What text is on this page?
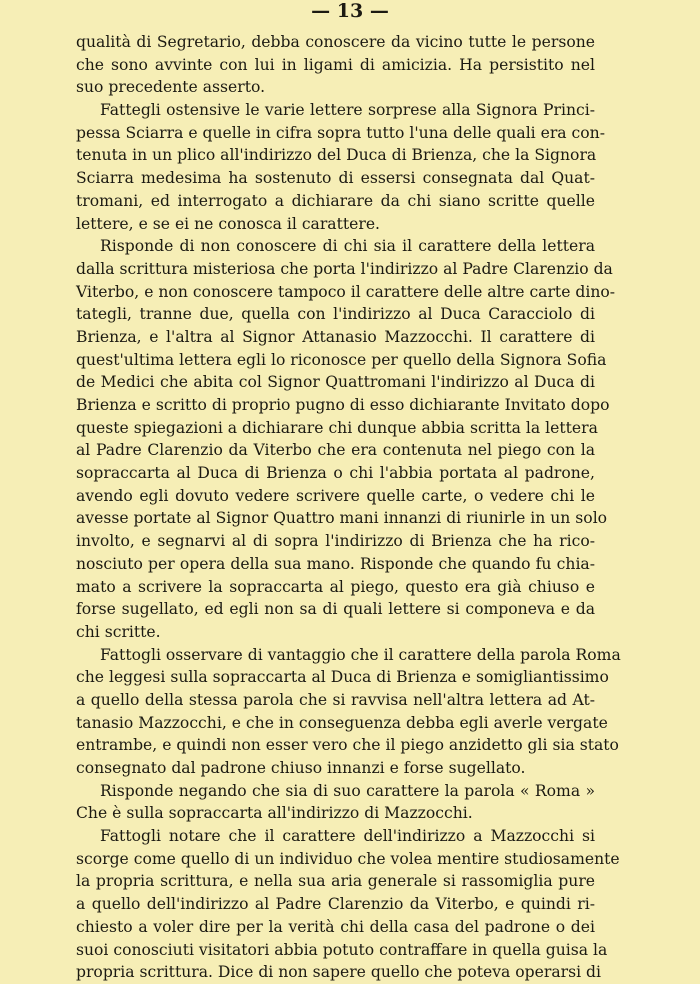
— 13 —
qualità di Segretario, debba conoscere da vicino tutte le persone
che sono avvinte con lui in ligami di amicizia. Ha persistito nel
suo precedente asserto.
Fattegli ostensive le varie lettere sorprese alla Signora Princi-
pessa Sciarra e quelle in cifra sopra tutto l'una delle quali era con-
tenuta in un plico all'indirizzo del Duca di Brienza, che la Signora
Sciarra medesima ha sostenuto di essersi consegnata dal Quat-
tromani, ed interrogato a dichiarare da chi siano scritte quelle
lettere, e se ei ne conosca il carattere.
Risponde di non conoscere di chi sia il carattere della lettera
dalla scrittura misteriosa che porta l'indirizzo al Padre Clarenzio da
Viterbo, e non conoscere tampoco il carattere delle altre carte dino-
tategli, tranne due, quella con l'indirizzo al Duca Caracciolo di
Brienza, e l'altra al Signor Attanasio Mazzocchi. Il carattere di
quest'ultima lettera egli lo riconosce per quello della Signora Sofia
de Medici che abita col Signor Quattromani l'indirizzo al Duca di
Brienza e scritto di proprio pugno di esso dichiarante Invitato dopo
queste spiegazioni a dichiarare chi dunque abbia scritta la lettera
al Padre Clarenzio da Viterbo che era contenuta nel piego con la
sopraccarta al Duca di Brienza o chi l'abbia portata al padrone,
avendo egli dovuto vedere scrivere quelle carte, o vedere chi le
avesse portate al Signor Quattro mani innanzi di riunirle in un solo
involto, e segnarvi al di sopra l'indirizzo di Brienza che ha rico-
nosciuto per opera della sua mano. Risponde che quando fu chia-
mato a scrivere la sopraccarta al piego, questo era già chiuso e
forse sugellato, ed egli non sa di quali lettere si componeva e da
chi scritte.
Fattogli osservare di vantaggio che il carattere della parola Roma
che leggesi sulla sopraccarta al Duca di Brienza e somigliantissimo
a quello della stessa parola che si ravvisa nell'altra lettera ad At-
tanasio Mazzocchi, e che in conseguenza debba egli averle vergate
entrambe, e quindi non esser vero che il piego anzidetto gli sia stato
consegnato dal padrone chiuso innanzi e forse sugellato.
Risponde negando che sia di suo carattere la parola « Roma »
Che è sulla sopraccarta all'indirizzo di Mazzocchi.
Fattogli notare che il carattere dell'indirizzo a Mazzocchi si
scorge come quello di un individuo che volea mentire studiosamente
la propria scrittura, e nella sua aria generale si rassomiglia pure
a quello dell'indirizzo al Padre Clarenzio da Viterbo, e quindi ri-
chiesto a voler dire per la verità chi della casa del padrone o dei
suoi conosciuti visitatori abbia potuto contraffare in quella guisa la
propria scrittura. Dice di non sapere quello che poteva operarsi di
